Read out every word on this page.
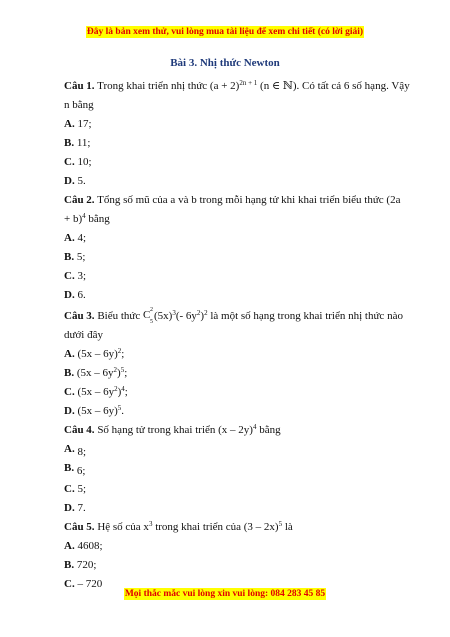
Đây là bản xem thử, vui lòng mua tài liệu để xem chi tiết (có lời giải)
Bài 3. Nhị thức Newton

Câu 1. Trong khai triển nhị thức $(a + 2)^{2n + 1}$ (n ∈ ℕ). Có tất cả 6 số hạng. Vậy

n bằng

A. 17;

B. 11;

C. 10;

D. 5.

Câu 2. Tổng số mũ của a và b trong mỗi hạng tử khi khai triển biểu thức (2a

+ b)$^4$ bằng

A. 4;

B. 5;

C. 3;

D. 6.

Câu 3. Biểu thức C 2
5 $(5x)^3(-$ $6y^2)^2$ là một số hạng trong khai triển nhị thức nào

dưới đây

A. (5x – 6y)$^2$;

B. $(5x - 6y^2)^5$;

C. $(5x - 6y^2)^4$;

D. (5x – 6y)$^5$.

Câu 4. Số hạng tử trong khai triển (x – 2y)$^4$ bằng

A. 8;

B. 6;

C. 5;

D. 7.

Câu 5. Hệ số của $x^3$ trong khai triển của (3 – 2x)$^5$ là

A. 4608;

B. 720;

C. – 720

Mọi thắc mắc vui lòng xin vui lòng: 084 283 45 85
